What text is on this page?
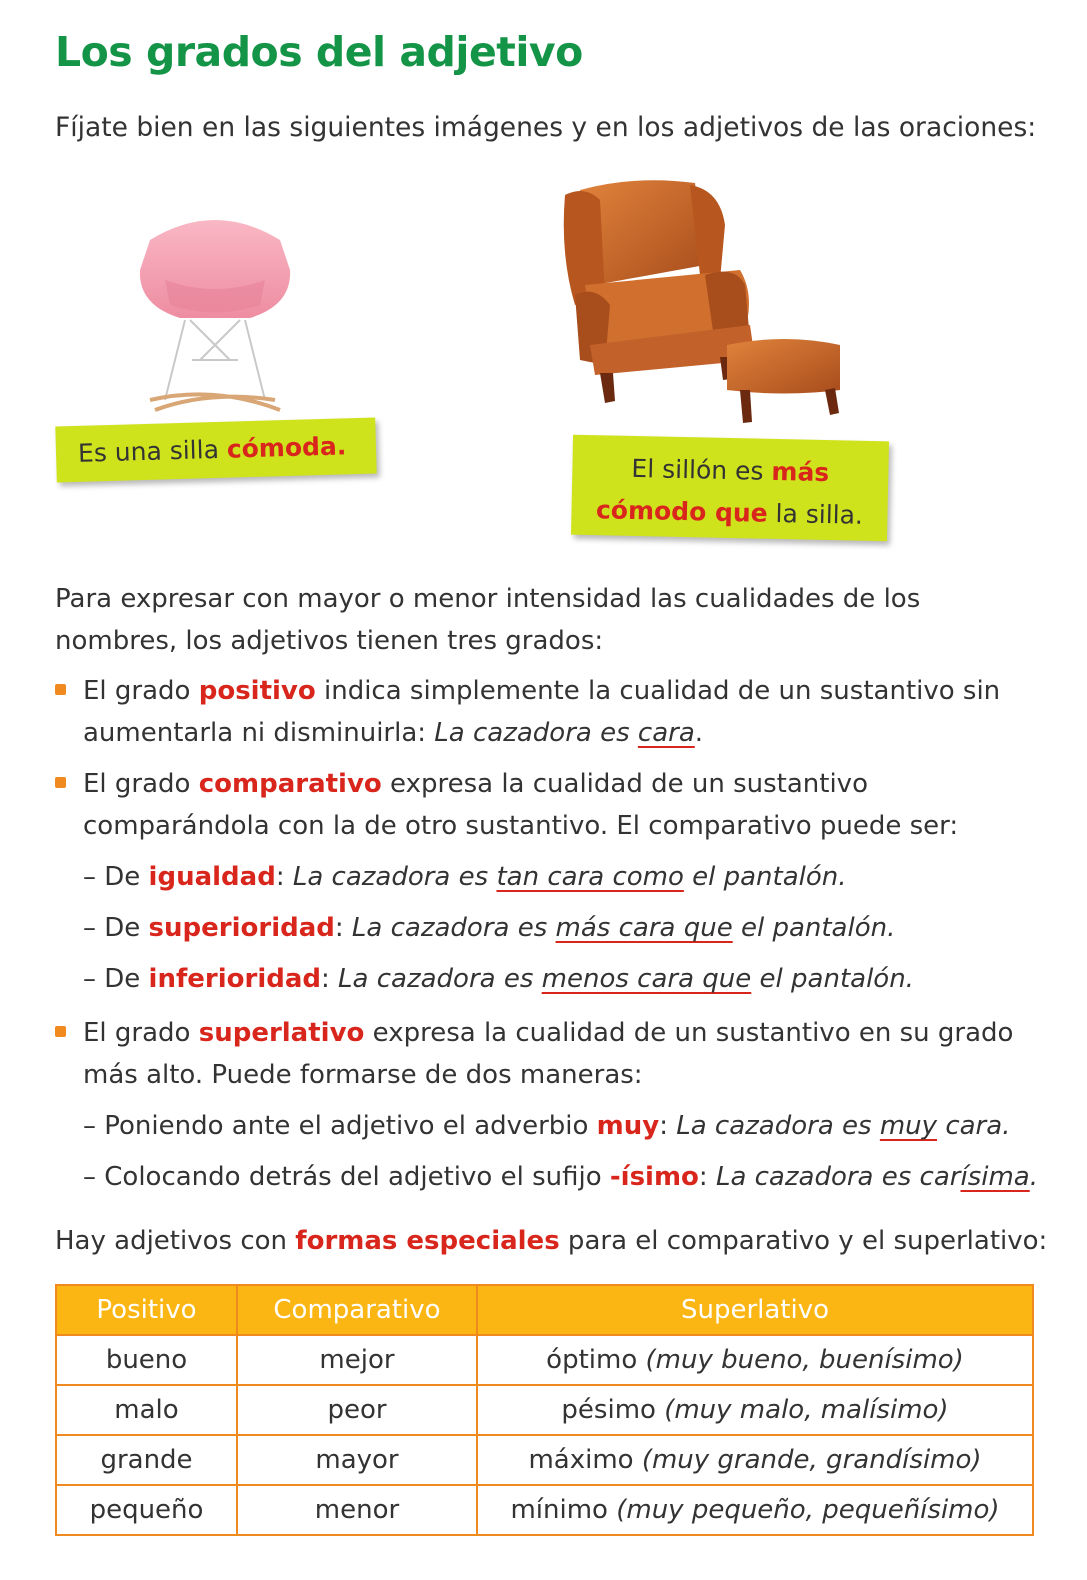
Los grados del adjetivo

Fíjate bien en las siguientes imágenes y en los adjetivos de las oraciones:

Es una silla cómoda.
El sillón es más
cómodo que la silla.

Para expresar con mayor o menor intensidad las cualidades de los nombres, los adjetivos tienen tres grados:

El grado positivo indica simplemente la cualidad de un sustantivo sin aumentarla ni disminuirla: La cazadora es cara.
El grado comparativo expresa la cualidad de un sustantivo comparándola con la de otro sustantivo. El comparativo puede ser:
– De igualdad: La cazadora es tan cara como el pantalón.
– De superioridad: La cazadora es más cara que el pantalón.
– De inferioridad: La cazadora es menos cara que el pantalón.
El grado superlativo expresa la cualidad de un sustantivo en su grado más alto. Puede formarse de dos maneras:
– Poniendo ante el adjetivo el adverbio muy: La cazadora es muy cara.
– Colocando detrás del adjetivo el sufijo -ísimo: La cazadora es carísima.

Hay adjetivos con formas especiales para el comparativo y el superlativo:

Positivo	Comparativo	Superlativo
bueno	mejor	óptimo (muy bueno, buenísimo)
malo	peor	pésimo (muy malo, malísimo)
grande	mayor	máximo (muy grande, grandísimo)
pequeño	menor	mínimo (muy pequeño, pequeñísimo)
